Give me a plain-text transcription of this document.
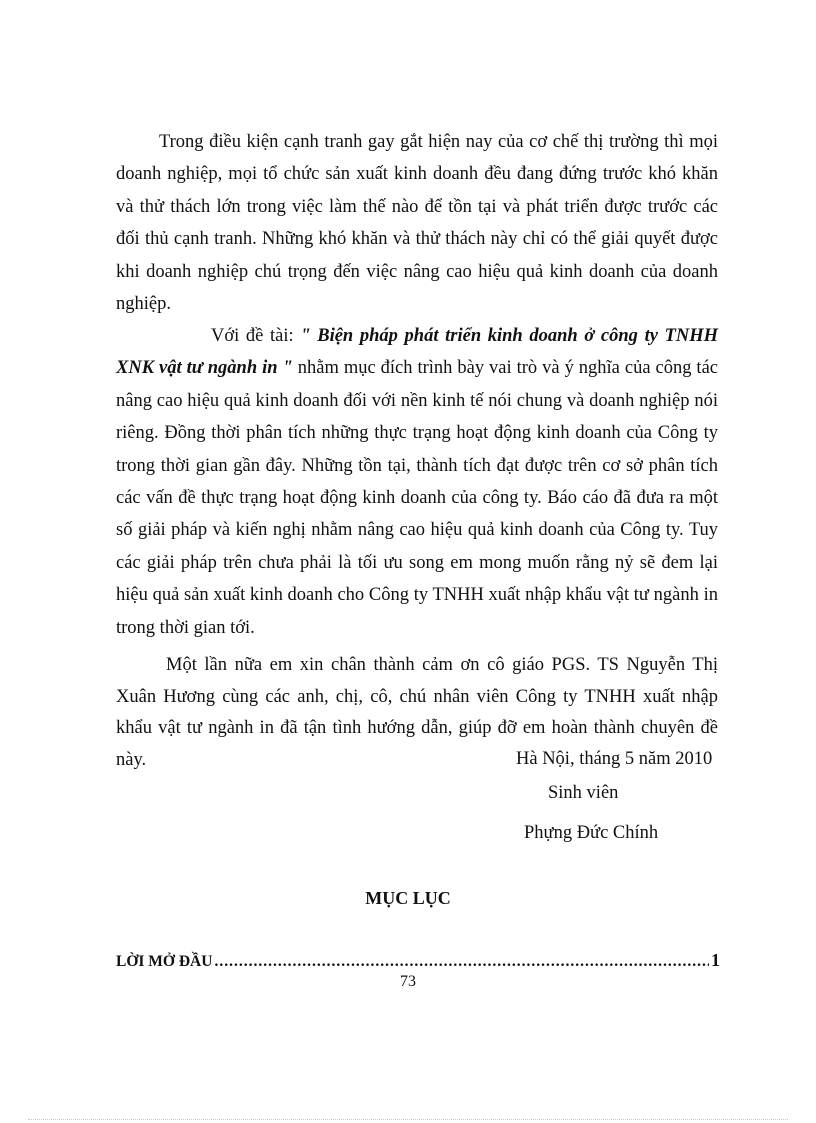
Trong điều kiện cạnh tranh gay gắt hiện nay của cơ chế thị trường thì mọi doanh nghiệp, mọi tổ chức sản xuất kinh doanh đều đang đứng trước khó khăn và thử thách lớn trong việc làm thế nào để tồn tại và phát triển được trước các đối thủ cạnh tranh. Những khó khăn và thử thách này chỉ có thể giải quyết được khi doanh nghiệp chú trọng đến việc nâng cao hiệu quả kinh doanh của doanh nghiệp.

Với đề tài: " Biện pháp phát triển kinh doanh ở công ty TNHH XNK vật tư ngành in " nhằm mục đích trình bày vai trò và ý nghĩa của công tác nâng cao hiệu quả kinh doanh đối với nền kinh tế nói chung và doanh nghiệp nói riêng. Đồng thời phân tích những thực trạng hoạt động kinh doanh của Công ty trong thời gian gần đây. Những tồn tại, thành tích đạt được trên cơ sở phân tích các vấn đề thực trạng hoạt động kinh doanh của công ty. Báo cáo đã đưa ra một số giải pháp và kiến nghị nhằm nâng cao hiệu quả kinh doanh của Công ty. Tuy các giải pháp trên chưa phải là tối ưu song em mong muốn rằng nỷ sẽ đem lại hiệu quả sản xuất kinh doanh cho Công ty TNHH xuất nhập khẩu vật tư ngành in trong thời gian tới.

Một lần nữa em xin chân thành cảm ơn cô giáo PGS. TS Nguyễn Thị Xuân Hương cùng các anh, chị, cô, chú nhân viên Công ty TNHH xuất nhập khẩu vật tư ngành in đã tận tình hướng dẫn, giúp đỡ em hoàn thành chuyên đề này.	Hà Nội, tháng 5 năm 2010
Sinh viên
Phựng Đức Chính
MỤC LỤC
LỜI MỞ ĐẦU
.....	1
73
